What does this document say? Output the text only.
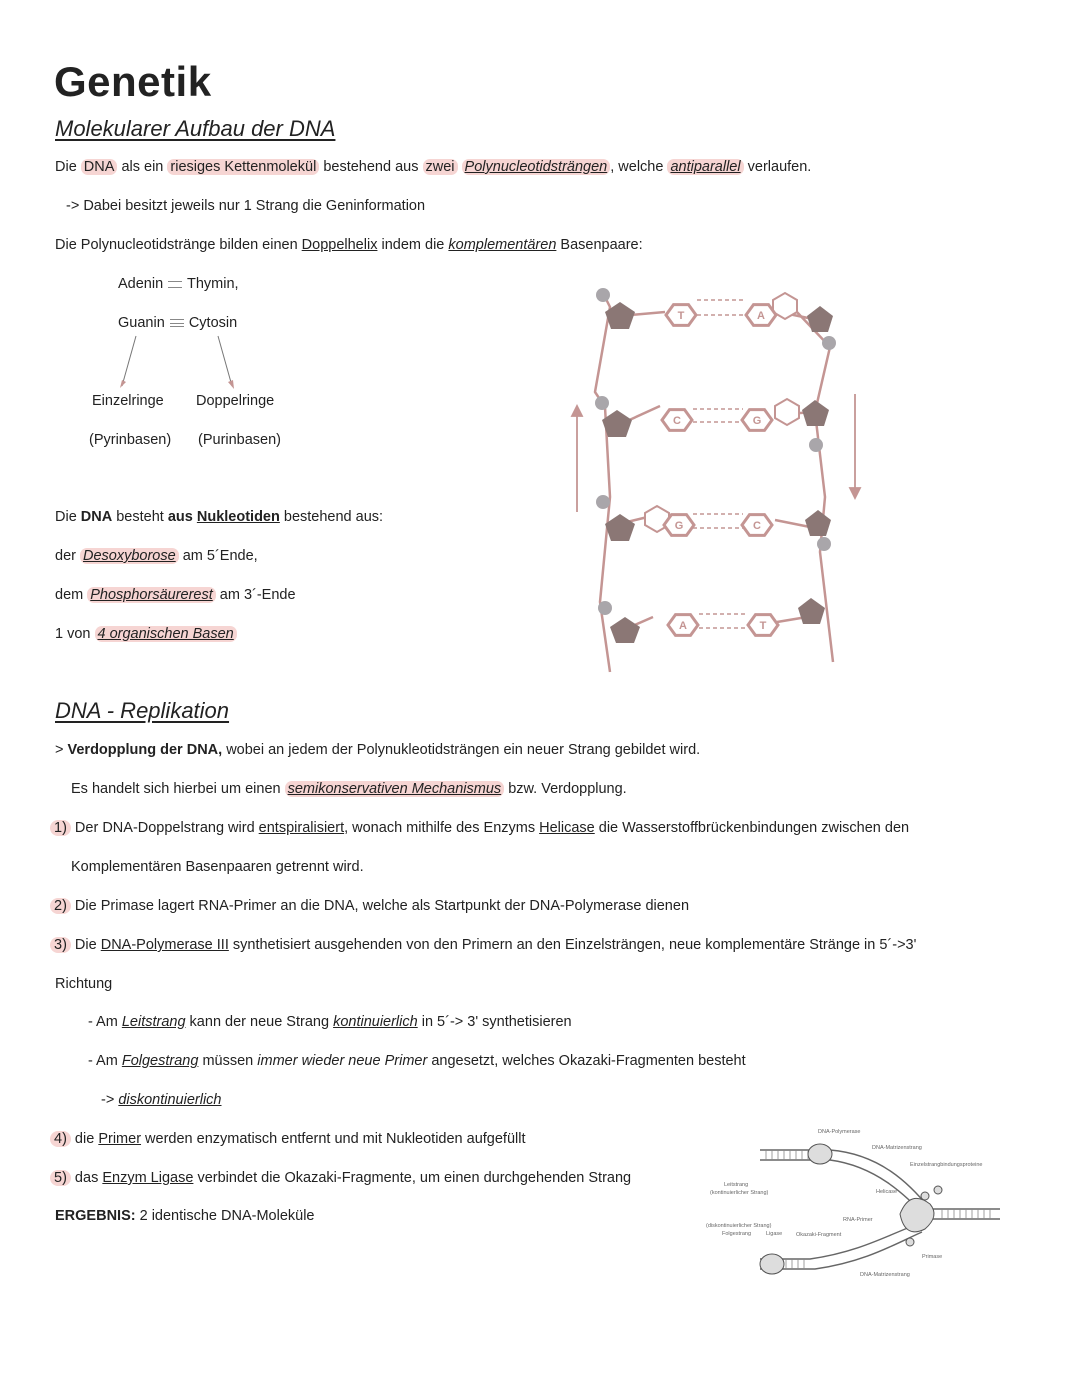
Genetik
Molekularer Aufbau der DNA
Die DNA als ein riesiges Kettenmolekül bestehend aus zwei Polynucleotidsträngen , welche antiparallel verlaufen.
-> Dabei besitzt jeweils nur 1 Strang die Geninformation
Die Polynucleotidstränge bilden einen Doppelhelix indem die komplementären Basenpaare:
Adenin Thymin,
Guanin Cytosin
Einzelringe Doppelringe
(Pyrinbasen) (Purinbasen)
Die DNA besteht aus Nukleotiden bestehend aus:
der Desoxyborose am 5´Ende,
dem Phosphorsäurerest am 3´-Ende
1 von 4 organischen Basen
T	A
C	G
G	C
A	T
DNA - Replikation
> Verdopplung der DNA, wobei an jedem der Polynukleotidsträngen ein neuer Strang gebildet wird.
Es handelt sich hierbei um einen semikonservativen Mechanismus bzw. Verdopplung.
1) Der DNA-Doppelstrang wird entspiralisiert, wonach mithilfe des Enzyms Helicase die Wasserstoffbrückenbindungen zwischen den
Komplementären Basenpaaren getrennt wird.
2) Die Primase lagert RNA-Primer an die DNA, welche als Startpunkt der DNA-Polymerase dienen
3) Die DNA-Polymerase III synthetisiert ausgehenden von den Primern an den Einzelsträngen, neue komplementäre Stränge in 5´->3'
Richtung
- Am Leitstrang kann der neue Strang kontinuierlich in 5´-> 3' synthetisieren
- Am Folgestrang müssen immer wieder neue Primer angesetzt, welches Okazaki-Fragmenten besteht
-> diskontinuierlich
4) die Primer werden enzymatisch entfernt und mit Nukleotiden aufgefüllt
5) das Enzym Ligase verbindet die Okazaki-Fragmente, um einen durchgehenden Strang
ERGEBNIS: 2 identische DNA-Moleküle
DNA-Polymerase
DNA-Matrizenstrang
Einzelstrangbindungsproteine
Leitstrang
(kontinuierlicher Strang)	Helicase
(diskontinuierlicher Strang)
Folgestrang	Ligase	Okazaki-Fragment
RNA-Primer
Primase
DNA-Matrizenstrang
